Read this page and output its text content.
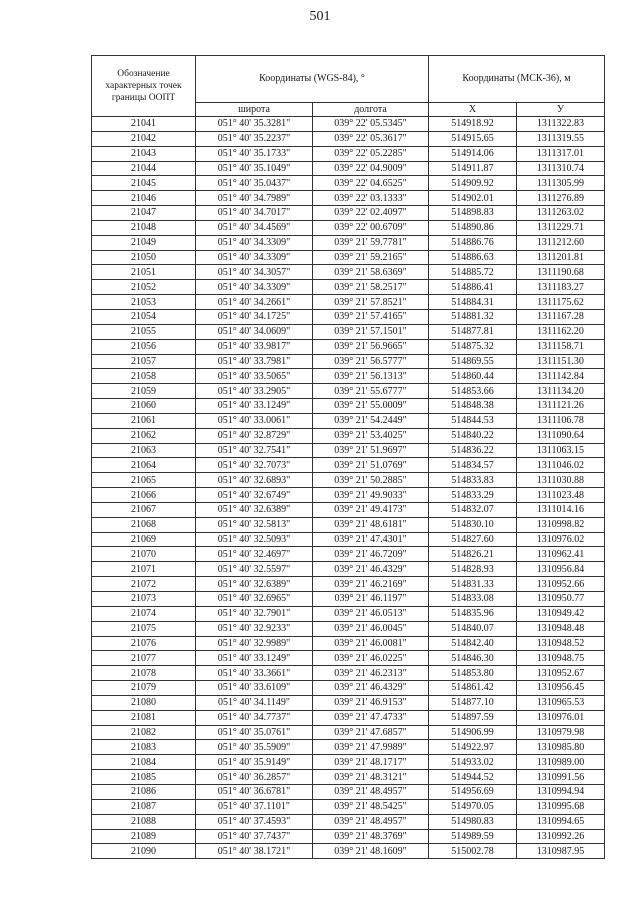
501
Обозначение характерных точек границы ООПТ	Координаты (WGS-84), °		Координаты (МСК-36), м	
	широта	долгота	X	У
21041	051° 40' 35.3281"	039° 22' 05.5345"	514918.92	1311322.83
21042	051° 40' 35.2237"	039° 22' 05.3617"	514915.65	1311319.55
21043	051° 40' 35.1733"	039° 22' 05.2285"	514914.06	1311317.01
21044	051° 40' 35.1049"	039° 22' 04.9009"	514911.87	1311310.74
21045	051° 40' 35.0437"	039° 22' 04.6525"	514909.92	1311305.99
21046	051° 40' 34.7989"	039° 22' 03.1333"	514902.01	1311276.89
21047	051° 40' 34.7017"	039° 22' 02.4097"	514898.83	1311263.02
21048	051° 40' 34.4569"	039° 22' 00.6709"	514890.86	1311229.71
21049	051° 40' 34.3309"	039° 21' 59.7781"	514886.76	1311212.60
21050	051° 40' 34.3309"	039° 21' 59.2165"	514886.63	1311201.81
21051	051° 40' 34.3057"	039° 21' 58.6369"	514885.72	1311190.68
21052	051° 40' 34.3309"	039° 21' 58.2517"	514886.41	1311183.27
21053	051° 40' 34.2661"	039° 21' 57.8521"	514884.31	1311175.62
21054	051° 40' 34.1725"	039° 21' 57.4165"	514881.32	1311167.28
21055	051° 40' 34.0609"	039° 21' 57.1501"	514877.81	1311162.20
21056	051° 40' 33.9817"	039° 21' 56.9665"	514875.32	1311158.71
21057	051° 40' 33.7981"	039° 21' 56.5777"	514869.55	1311151.30
21058	051° 40' 33.5065"	039° 21' 56.1313"	514860.44	1311142.84
21059	051° 40' 33.2905"	039° 21' 55.6777"	514853.66	1311134.20
21060	051° 40' 33.1249"	039° 21' 55.0009"	514848.38	1311121.26
21061	051° 40' 33.0061"	039° 21' 54.2449"	514844.53	1311106.78
21062	051° 40' 32.8729"	039° 21' 53.4025"	514840.22	1311090.64
21063	051° 40' 32.7541"	039° 21' 51.9697"	514836.22	1311063.15
21064	051° 40' 32.7073"	039° 21' 51.0769"	514834.57	1311046.02
21065	051° 40' 32.6893"	039° 21' 50.2885"	514833.83	1311030.88
21066	051° 40' 32.6749"	039° 21' 49.9033"	514833.29	1311023.48
21067	051° 40' 32.6389"	039° 21' 49.4173"	514832.07	1311014.16
21068	051° 40' 32.5813"	039° 21' 48.6181"	514830.10	1310998.82
21069	051° 40' 32.5093"	039° 21' 47.4301"	514827.60	1310976.02
21070	051° 40' 32.4697"	039° 21' 46.7209"	514826.21	1310962.41
21071	051° 40' 32.5597"	039° 21' 46.4329"	514828.93	1310956.84
21072	051° 40' 32.6389"	039° 21' 46.2169"	514831.33	1310952.66
21073	051° 40' 32.6965"	039° 21' 46.1197"	514833.08	1310950.77
21074	051° 40' 32.7901"	039° 21' 46.0513"	514835.96	1310949.42
21075	051° 40' 32.9233"	039° 21' 46.0045"	514840.07	1310948.48
21076	051° 40' 32.9989"	039° 21' 46.0081"	514842.40	1310948.52
21077	051° 40' 33.1249"	039° 21' 46.0225"	514846.30	1310948.75
21078	051° 40' 33.3661"	039° 21' 46.2313"	514853.80	1310952.67
21079	051° 40' 33.6109"	039° 21' 46.4329"	514861.42	1310956.45
21080	051° 40' 34.1149"	039° 21' 46.9153"	514877.10	1310965.53
21081	051° 40' 34.7737"	039° 21' 47.4733"	514897.59	1310976.01
21082	051° 40' 35.0761"	039° 21' 47.6857"	514906.99	1310979.98
21083	051° 40' 35.5909"	039° 21' 47.9989"	514922.97	1310985.80
21084	051° 40' 35.9149"	039° 21' 48.1717"	514933.02	1310989.00
21085	051° 40' 36.2857"	039° 21' 48.3121"	514944.52	1310991.56
21086	051° 40' 36.6781"	039° 21' 48.4957"	514956.69	1310994.94
21087	051° 40' 37.1101"	039° 21' 48.5425"	514970.05	1310995.68
21088	051° 40' 37.4593"	039° 21' 48.4957"	514980.83	1310994.65
21089	051° 40' 37.7437"	039° 21' 48.3769"	514989.59	1310992.26
21090	051° 40' 38.1721"	039° 21' 48.1609"	515002.78	1310987.95
